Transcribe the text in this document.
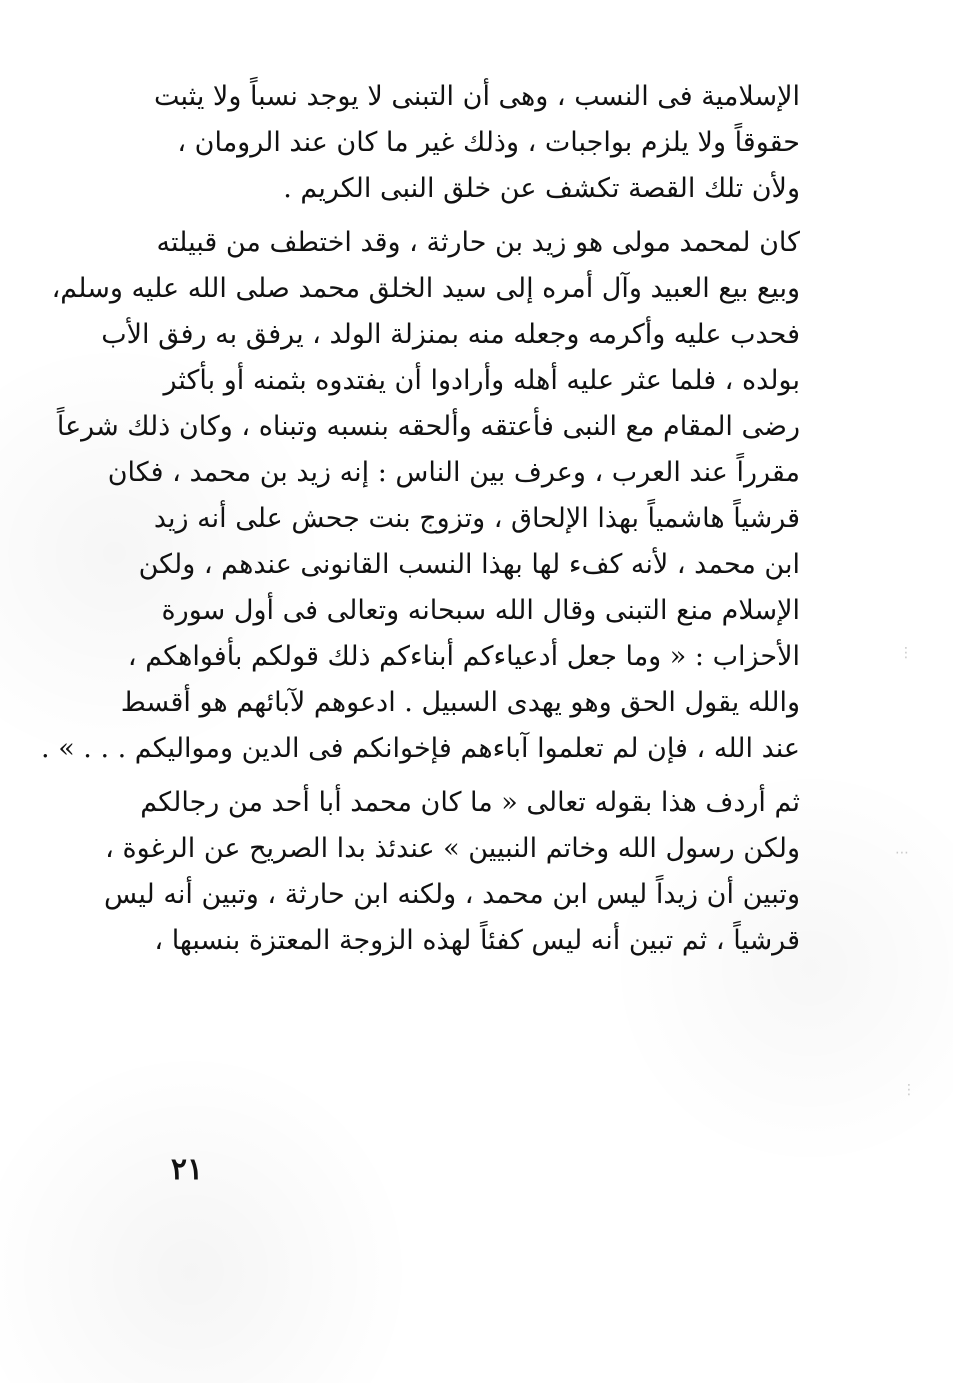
الإسلامية فى النسب ، وهى أن التبنى لا يوجد نسباً ولا يثبت
حقوقاً ولا يلزم بواجبات ، وذلك غير ما كان عند الرومان ،
ولأن تلك القصة تكشف عن خلق النبى الكريم .
كان لمحمد مولى هو زيد بن حارثة ، وقد اختطف من قبيلته
وبيع بيع العبيد وآل أمره إلى سيد الخلق محمد صلى الله عليه وسلم،
فحدب عليه وأكرمه وجعله منه بمنزلة الولد ، يرفق به رفق الأب
بولده ، فلما عثر عليه أهله وأرادوا أن يفتدوه بثمنه أو بأكثر
رضى المقام مع النبى فأعتقه وألحقه بنسبه وتبناه ، وكان ذلك شرعاً
مقرراً عند العرب ، وعرف بين الناس : إنه زيد بن محمد ، فكان
قرشياً هاشمياً بهذا الإلحاق ، وتزوج بنت جحش على أنه زيد
ابن محمد ، لأنه كفء لها بهذا النسب القانونى عندهم ، ولكن
الإسلام منع التبنى وقال الله سبحانه وتعالى فى أول سورة
الأحزاب : « وما جعل أدعياءكم أبناءكم ذلك قولكم بأفواهكم ،
والله يقول الحق وهو يهدى السبيل . ادعوهم لآبائهم هو أقسط
عند الله ، فإن لم تعلموا آباءهم فإخوانكم فى الدين ومواليكم . . . » .
ثم أردف هذا بقوله تعالى « ما كان محمد أبا أحد من رجالكم
ولكن رسول الله وخاتم النبيين » عندئذ بدا الصريح عن الرغوة ،
وتبين أن زيداً ليس ابن محمد ، ولكنه ابن حارثة ، وتبين أنه ليس
قرشياً ، ثم تبين أنه ليس كفئاً لهذه الزوجة المعتزة بنسبها ،
٢١
⋮
⋯
⋮
